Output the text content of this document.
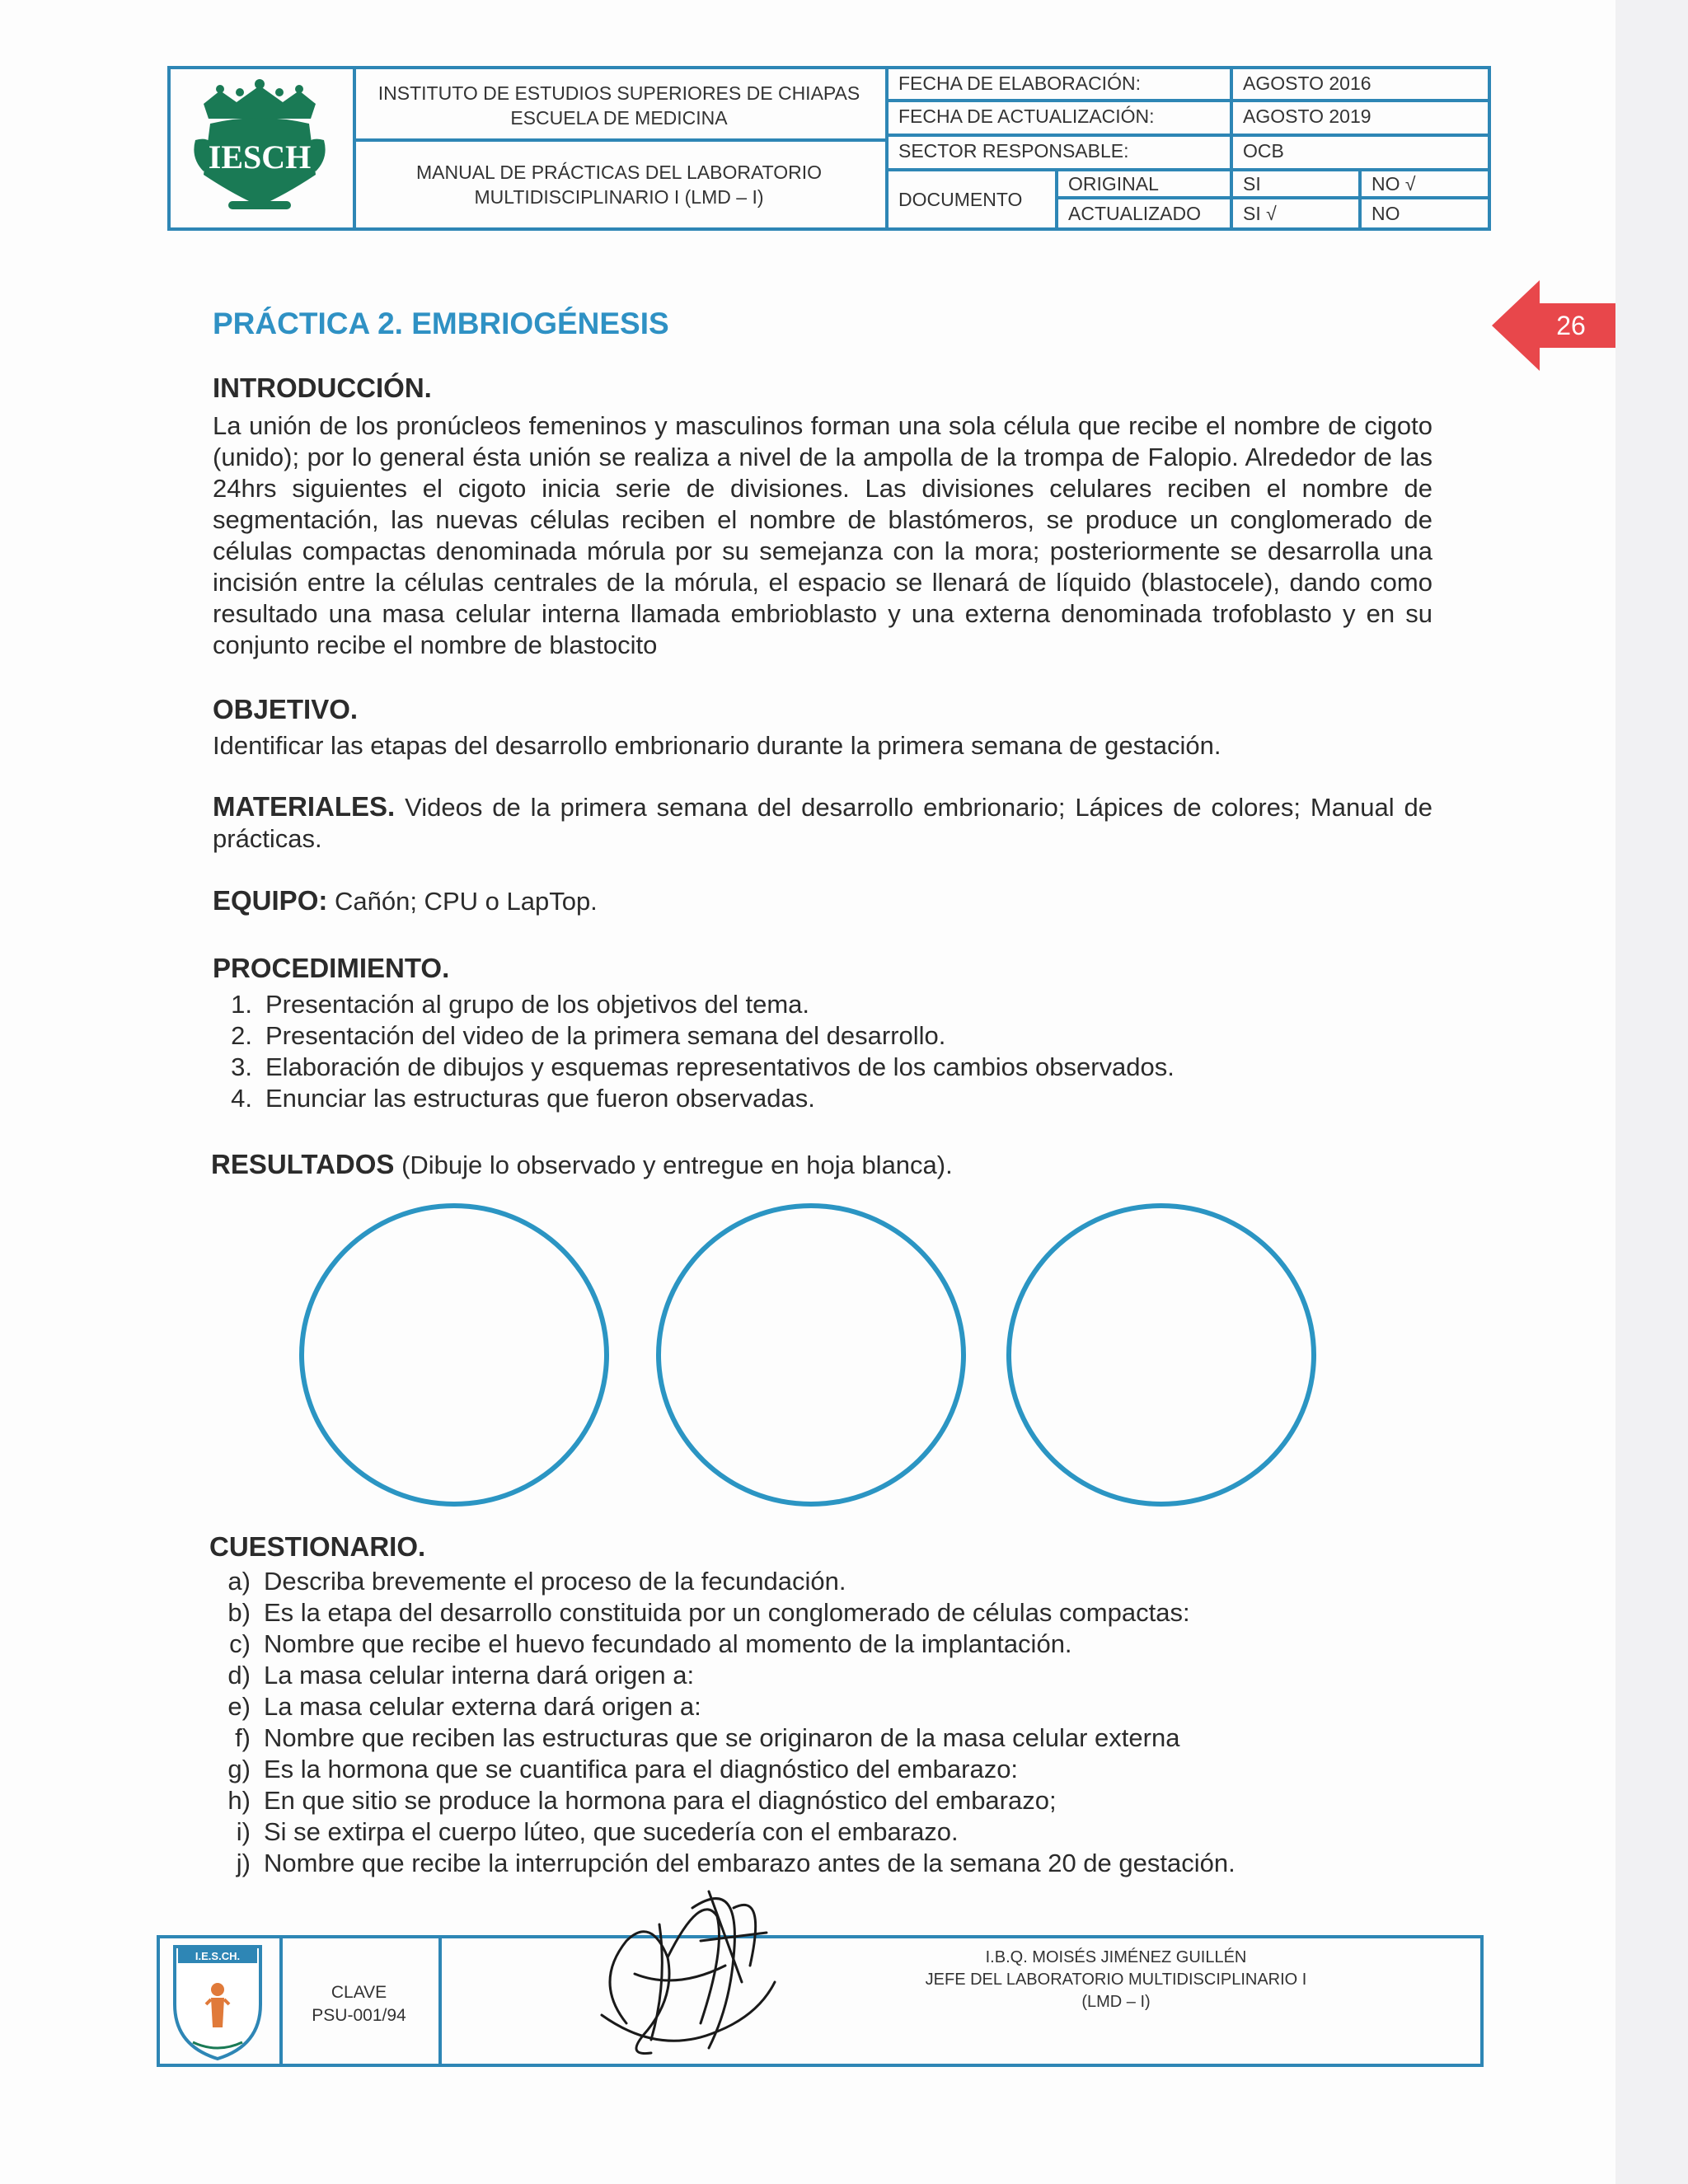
IESCH
INSTITUTO DE ESTUDIOS SUPERIORES DE CHIAPAS
ESCUELA DE MEDICINA
MANUAL DE PRÁCTICAS DEL LABORATORIO
MULTIDISCIPLINARIO I (LMD – I)
FECHA DE ELABORACIÓN:	AGOSTO 2016
FECHA DE ACTUALIZACIÓN:	AGOSTO 2019
SECTOR RESPONSABLE:	OCB
DOCUMENTO
ORIGINAL	SI	NO √
ACTUALIZADO	SI √	NO
26
PRÁCTICA 2. EMBRIOGÉNESIS
INTRODUCCIÓN.
La unión de los pronúcleos femeninos y masculinos forman una sola célula que recibe el nombre de cigoto (unido); por lo general ésta unión se realiza a nivel de la ampolla de la trompa de Falopio. Alrededor de las 24hrs siguientes el cigoto inicia serie de divisiones. Las divisiones celulares reciben el nombre de segmentación, las nuevas células reciben el nombre de blastómeros, se produce un conglomerado de células compactas denominada mórula por su semejanza con la mora; posteriormente se desarrolla una incisión entre la células centrales de la mórula, el espacio se llenará de líquido (blastocele), dando como resultado una masa celular interna llamada embrioblasto y una externa denominada trofoblasto y en su conjunto recibe el nombre de blastocito
OBJETIVO.
Identificar las etapas del desarrollo embrionario durante la primera semana de gestación.
MATERIALES. Videos de la primera semana del desarrollo embrionario; Lápices de colores; Manual de prácticas.
EQUIPO: Cañón; CPU o LapTop.
PROCEDIMIENTO.
1. Presentación al grupo de los objetivos del tema.
2. Presentación del video de la primera semana del desarrollo.
3. Elaboración de dibujos y esquemas representativos de los cambios observados.
4. Enunciar las estructuras que fueron observadas.
RESULTADOS (Dibuje lo observado y entregue en hoja blanca).
CUESTIONARIO.
a) Describa brevemente el proceso de la fecundación.
b) Es la etapa del desarrollo constituida por un conglomerado de células compactas:
c) Nombre que recibe el huevo fecundado al momento de la implantación.
d) La masa celular interna dará origen a:
e) La masa celular externa dará origen a:
f) Nombre que reciben las estructuras que se originaron de la masa celular externa
g) Es la hormona que se cuantifica para el diagnóstico del embarazo:
h) En que sitio se produce la hormona para el diagnóstico del embarazo;
i) Si se extirpa el cuerpo lúteo, que sucedería con el embarazo.
j) Nombre que recibe la interrupción del embarazo antes de la semana 20 de gestación.
I.E.S.CH.
CLAVE
PSU-001/94
I.B.Q. MOISÉS JIMÉNEZ GUILLÉN
JEFE DEL LABORATORIO MULTIDISCIPLINARIO I
(LMD – I)
